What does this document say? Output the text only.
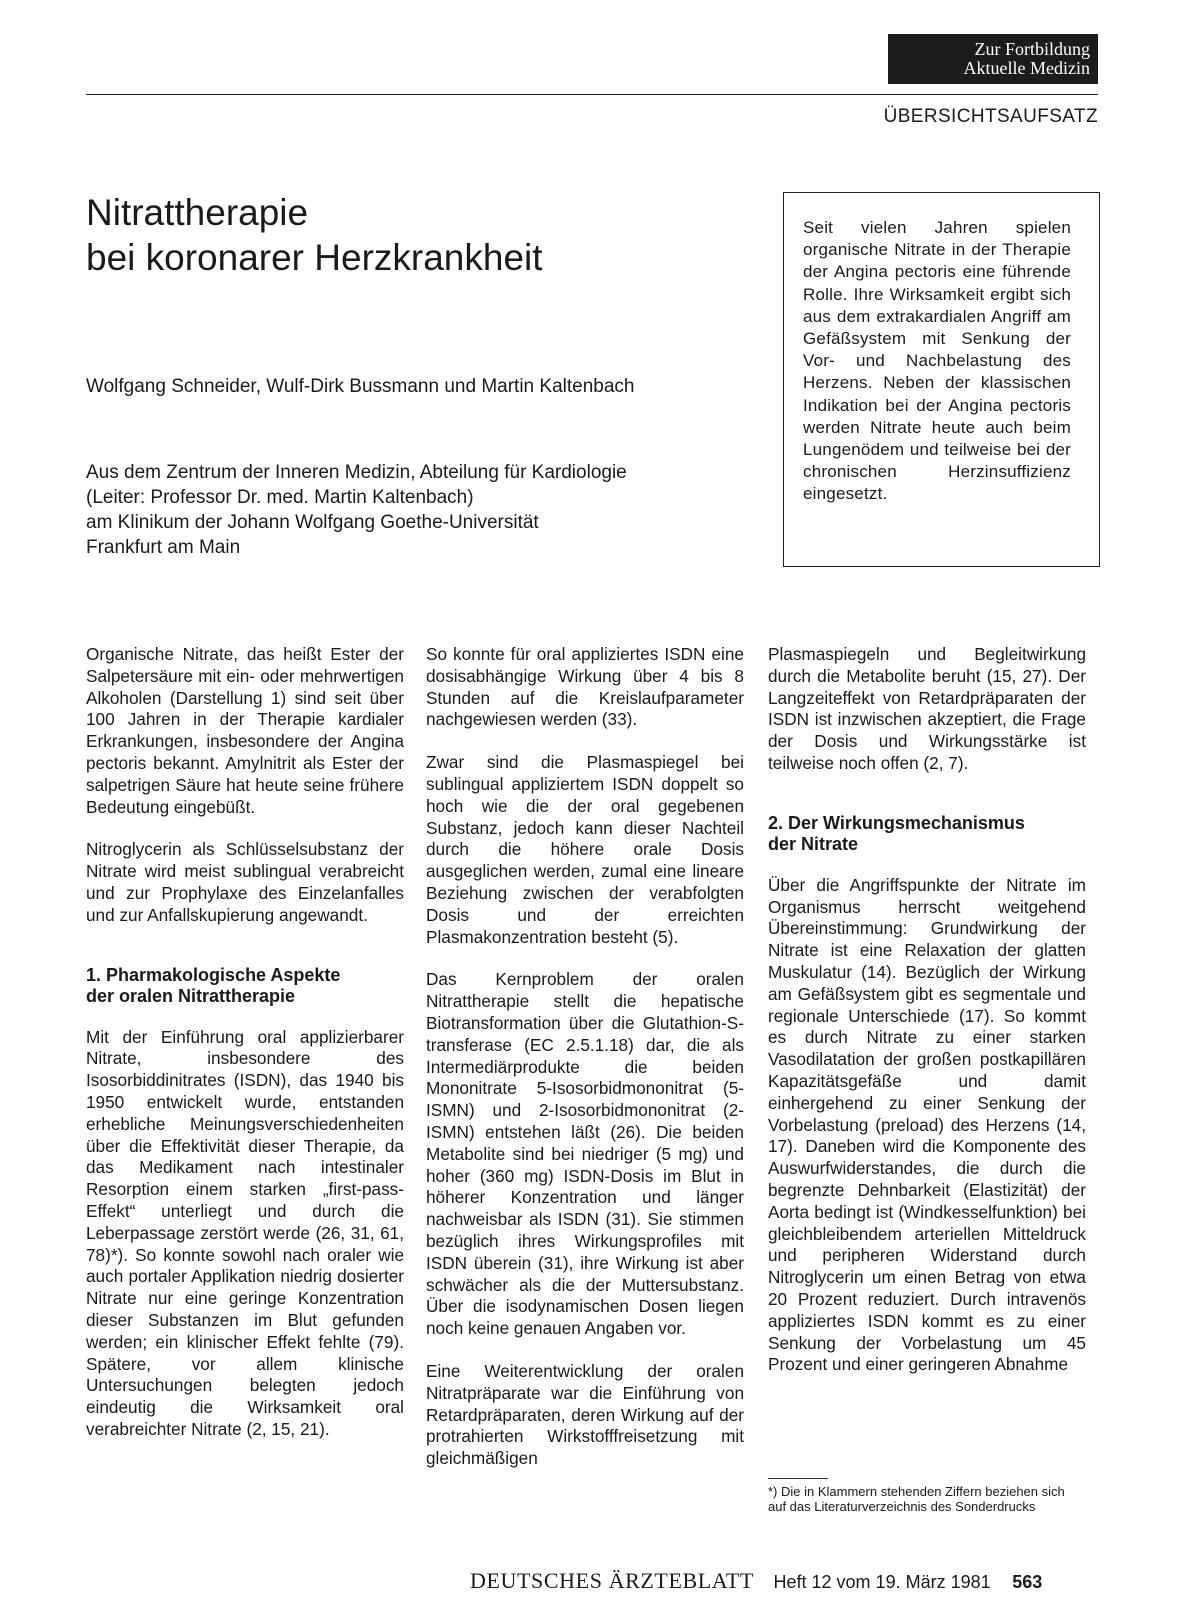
Zur Fortbildung
Aktuelle Medizin
ÜBERSICHTSAUFSATZ
Nitrattherapie
bei koronarer Herzkrankheit
Wolfgang Schneider, Wulf-Dirk Bussmann und Martin Kaltenbach
Aus dem Zentrum der Inneren Medizin, Abteilung für Kardiologie
(Leiter: Professor Dr. med. Martin Kaltenbach)
am Klinikum der Johann Wolfgang Goethe-Universität
Frankfurt am Main

Seit vielen Jahren spielen organische Nitrate in der Therapie der Angina pectoris eine führende Rolle. Ihre Wirksamkeit ergibt sich aus dem extrakardialen Angriff am Gefäßsystem mit Senkung der Vor- und Nachbelastung des Herzens. Neben der klassischen Indikation bei der Angina pectoris werden Nitrate heute auch beim Lungenödem und teilweise bei der chronischen Herzinsuffizienz eingesetzt.

Organische Nitrate, das heißt Ester der Salpetersäure mit ein- oder mehrwertigen Alkoholen (Darstellung 1) sind seit über 100 Jahren in der Therapie kardialer Erkrankungen, insbesondere der Angina pectoris bekannt. Amylnitrit als Ester der salpetrigen Säure hat heute seine frühere Bedeutung eingebüßt.

Nitroglycerin als Schlüsselsubstanz der Nitrate wird meist sublingual verabreicht und zur Prophylaxe des Einzelanfalles und zur Anfallskupierung angewandt.

1. Pharmakologische Aspekte
der oralen Nitrattherapie

Mit der Einführung oral applizierbarer Nitrate, insbesondere des Isosorbiddinitrates (ISDN), das 1940 bis 1950 entwickelt wurde, entstanden erhebliche Meinungsverschiedenheiten über die Effektivität dieser Therapie, da das Medikament nach intestinaler Resorption einem starken „first-pass-Effekt“ unterliegt und durch die Leberpassage zerstört werde (26, 31, 61, 78)*). So konnte sowohl nach oraler wie auch portaler Applikation niedrig dosierter Nitrate nur eine geringe Konzentration dieser Substanzen im Blut gefunden werden; ein klinischer Effekt fehlte (79). Spätere, vor allem klinische Untersuchungen belegten jedoch eindeutig die Wirksamkeit oral verabreichter Nitrate (2, 15, 21).

So konnte für oral appliziertes ISDN eine dosisabhängige Wirkung über 4 bis 8 Stunden auf die Kreislaufparameter nachgewiesen werden (33).

Zwar sind die Plasmaspiegel bei sublingual appliziertem ISDN doppelt so hoch wie die der oral gegebenen Substanz, jedoch kann dieser Nachteil durch die höhere orale Dosis ausgeglichen werden, zumal eine lineare Beziehung zwischen der verabfolgten Dosis und der erreichten Plasmakonzentration besteht (5).

Das Kernproblem der oralen Nitrattherapie stellt die hepatische Biotransformation über die Glutathion-S-transferase (EC 2.5.1.18) dar, die als Intermediärprodukte die beiden Mononitrate 5-Isosorbidmononitrat (5-ISMN) und 2-Isosorbidmononitrat (2-ISMN) entstehen läßt (26). Die beiden Metabolite sind bei niedriger (5 mg) und hoher (360 mg) ISDN-Dosis im Blut in höherer Konzentration und länger nachweisbar als ISDN (31). Sie stimmen bezüglich ihres Wirkungsprofiles mit ISDN überein (31), ihre Wirkung ist aber schwächer als die der Muttersubstanz. Über die isodynamischen Dosen liegen noch keine genauen Angaben vor.

Eine Weiterentwicklung der oralen Nitratpräparate war die Einführung von Retardpräparaten, deren Wirkung auf der protrahierten Wirkstofffreisetzung mit gleichmäßigen

Plasmaspiegeln und Begleitwirkung durch die Metabolite beruht (15, 27). Der Langzeiteffekt von Retardpräparaten der ISDN ist inzwischen akzeptiert, die Frage der Dosis und Wirkungsstärke ist teilweise noch offen (2, 7).

2. Der Wirkungsmechanismus
der Nitrate

Über die Angriffspunkte der Nitrate im Organismus herrscht weitgehend Übereinstimmung: Grundwirkung der Nitrate ist eine Relaxation der glatten Muskulatur (14). Bezüglich der Wirkung am Gefäßsystem gibt es segmentale und regionale Unterschiede (17). So kommt es durch Nitrate zu einer starken Vasodilatation der großen postkapillären Kapazitätsgefäße und damit einhergehend zu einer Senkung der Vorbelastung (preload) des Herzens (14, 17). Daneben wird die Komponente des Auswurfwiderstandes, die durch die begrenzte Dehnbarkeit (Elastizität) der Aorta bedingt ist (Windkesselfunktion) bei gleichbleibendem arteriellen Mitteldruck und peripheren Widerstand durch Nitroglycerin um einen Betrag von etwa 20 Prozent reduziert. Durch intravenös appliziertes ISDN kommt es zu einer Senkung der Vorbelastung um 45 Prozent und einer geringeren Abnahme

*) Die in Klammern stehenden Ziffern beziehen sich auf das Literaturverzeichnis des Sonderdrucks
DEUTSCHES ÄRZTEBLATT Heft 12 vom 19. März 1981 563
